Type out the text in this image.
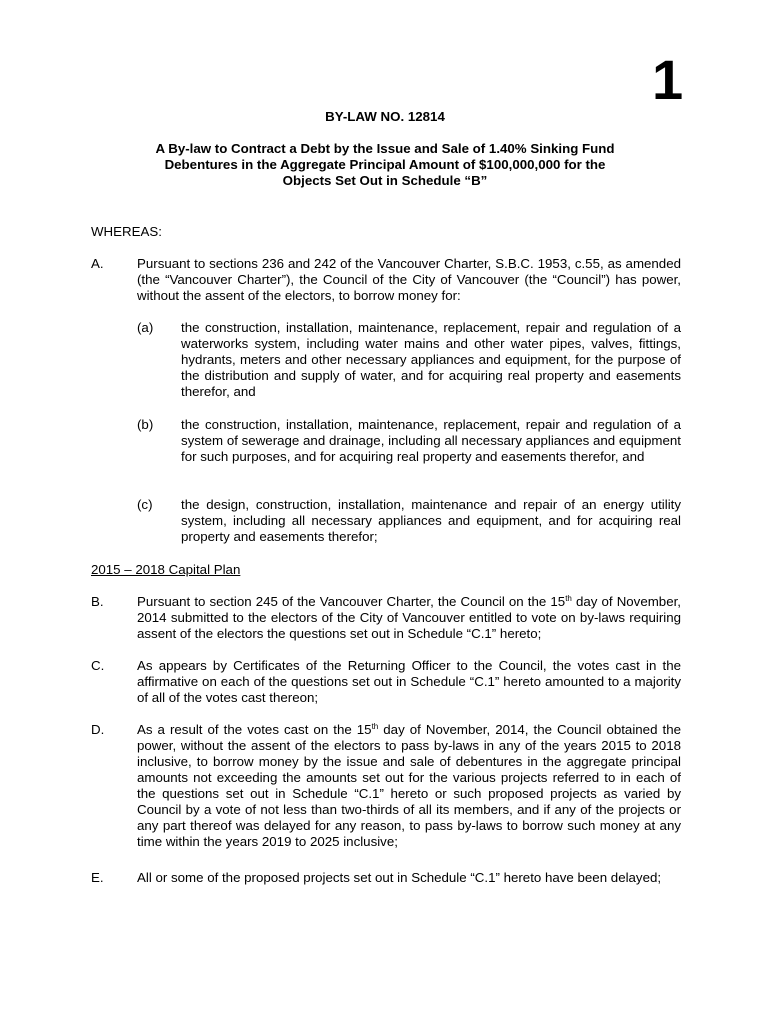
1
BY-LAW NO. 12814
A By-law to Contract a Debt by the Issue and Sale of 1.40% Sinking Fund
Debentures in the Aggregate Principal Amount of $100,000,000 for the
Objects Set Out in Schedule “B”
WHEREAS:
A.	Pursuant to sections 236 and 242 of the Vancouver Charter, S.B.C. 1953, c.55, as amended (the “Vancouver Charter”), the Council of the City of Vancouver (the “Council”) has power, without the assent of the electors, to borrow money for:
(a) the construction, installation, maintenance, replacement, repair and regulation of a waterworks system, including water mains and other water pipes, valves, fittings, hydrants, meters and other necessary appliances and equipment, for the purpose of the distribution and supply of water, and for acquiring real property and easements therefor, and
(b) the construction, installation, maintenance, replacement, repair and regulation of a system of sewerage and drainage, including all necessary appliances and equipment for such purposes, and for acquiring real property and easements therefor, and
(c) the design, construction, installation, maintenance and repair of an energy utility system, including all necessary appliances and equipment, and for acquiring real property and easements therefor;
2015 – 2018 Capital Plan
B.	Pursuant to section 245 of the Vancouver Charter, the Council on the 15th day of November, 2014 submitted to the electors of the City of Vancouver entitled to vote on by-laws requiring assent of the electors the questions set out in Schedule “C.1” hereto;
C. As appears by Certificates of the Returning Officer to the Council, the votes cast in the affirmative on each of the questions set out in Schedule “C.1” hereto amounted to a majority of all of the votes cast thereon;
D. As a result of the votes cast on the 15th day of November, 2014, the Council obtained the power, without the assent of the electors to pass by-laws in any of the years 2015 to 2018 inclusive, to borrow money by the issue and sale of debentures in the aggregate principal amounts not exceeding the amounts set out for the various projects referred to in each of the questions set out in Schedule “C.1” hereto or such proposed projects as varied by Council by a vote of not less than two-thirds of all its members, and if any of the projects or any part thereof was delayed for any reason, to pass by-laws to borrow such money at any time within the years 2019 to 2025 inclusive;
E.	All or some of the proposed projects set out in Schedule “C.1” hereto have been delayed;
